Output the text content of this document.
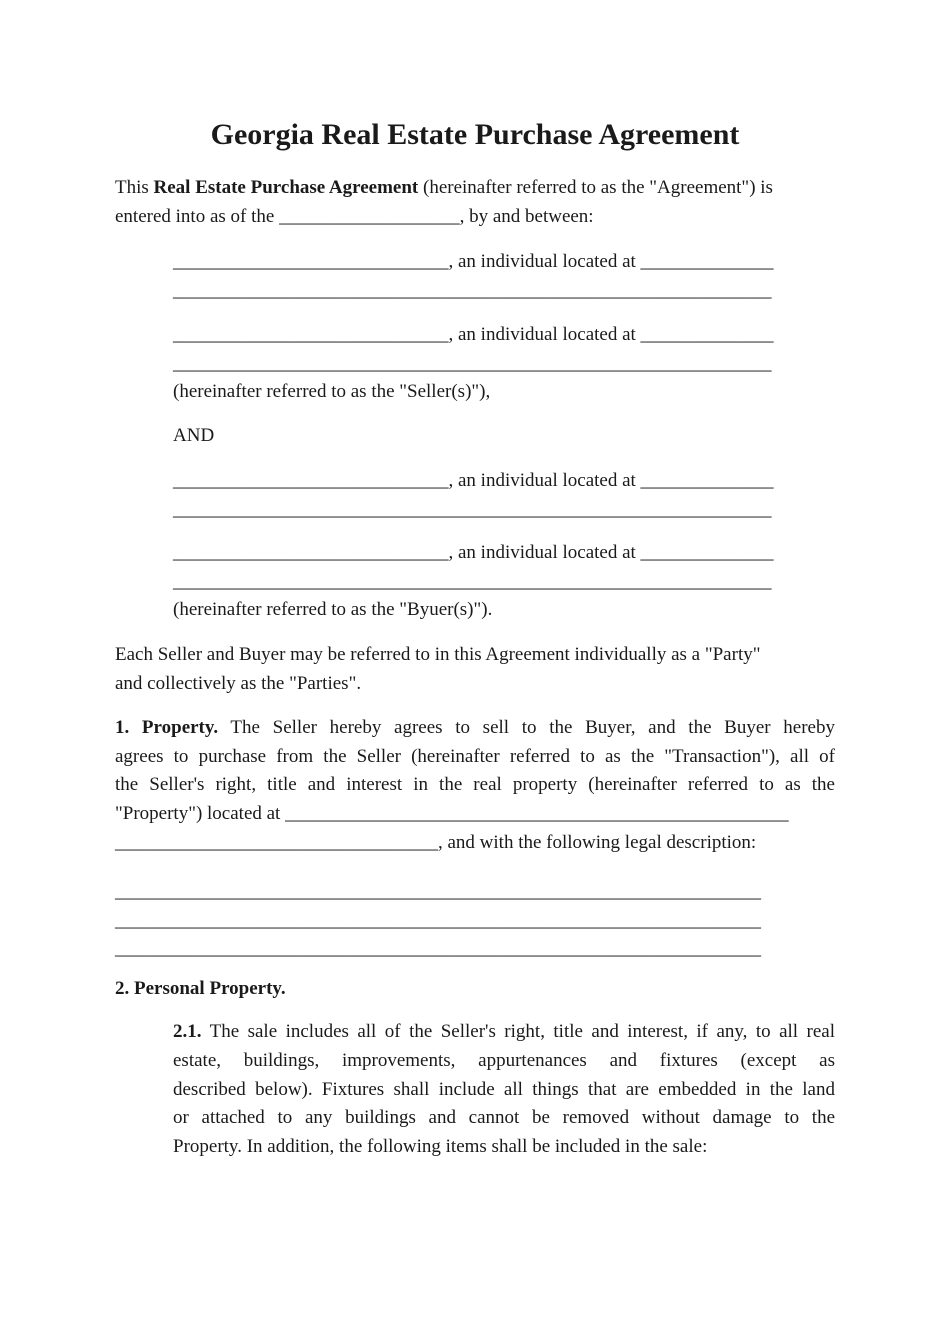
Georgia Real Estate Purchase Agreement

This Real Estate Purchase Agreement (hereinafter referred to as the "Agreement") is

entered into as of the ___________________, by and between:

_____________________________, an individual located at ______________

_______________________________________________________________

_____________________________, an individual located at ______________

_______________________________________________________________

(hereinafter referred to as the "Seller(s)"),

AND

_____________________________, an individual located at ______________

_______________________________________________________________

_____________________________, an individual located at ______________

_______________________________________________________________

(hereinafter referred to as the "Byuer(s)").

Each Seller and Buyer may be referred to in this Agreement individually as a "Party"

and collectively as the "Parties".

1. Property. The Seller hereby agrees to sell to the Buyer, and the Buyer hereby

agrees to purchase from the Seller (hereinafter referred to as the "Transaction"), all of

the Seller's right, title and interest in the real property (hereinafter referred to as the

"Property") located at _____________________________________________________

__________________________________, and with the following legal description:

____________________________________________________________________

____________________________________________________________________

____________________________________________________________________

2. Personal Property.

2.1. The sale includes all of the Seller's right, title and interest, if any, to all real

estate, buildings, improvements, appurtenances and fixtures (except as

described below). Fixtures shall include all things that are embedded in the land

or attached to any buildings and cannot be removed without damage to the

Property. In addition, the following items shall be included in the sale:
